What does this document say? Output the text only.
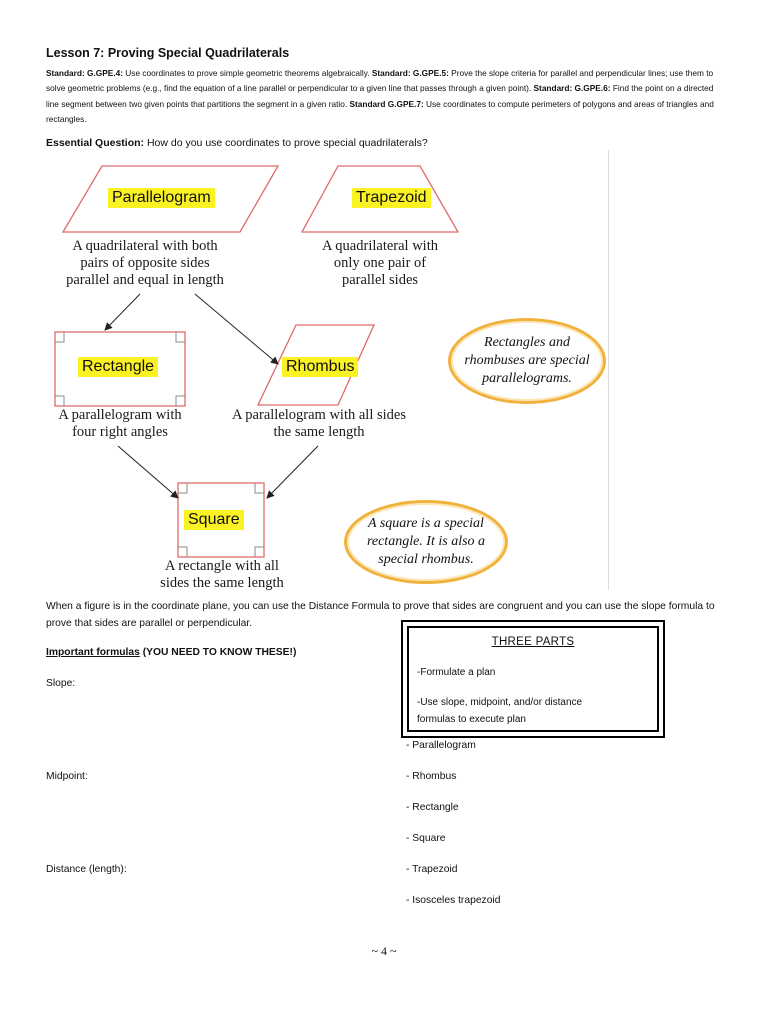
Lesson 7: Proving Special Quadrilaterals
Standard: G.GPE.4: Use coordinates to prove simple geometric theorems algebraically. Standard: G.GPE.5: Prove the slope criteria for parallel and perpendicular lines; use them to solve geometric problems (e.g., find the equation of a line parallel or perpendicular to a given line that passes through a given point). Standard: G.GPE.6: Find the point on a directed line segment between two given points that partitions the segment in a given ratio. Standard G.GPE.7: Use coordinates to compute perimeters of polygons and areas of triangles and rectangles.
Essential Question: How do you use coordinates to prove special quadrilaterals?
Parallelogram	Trapezoid
Rectangle	Rhombus
Square
A quadrilateral with both
pairs of opposite sides
parallel and equal in length
A quadrilateral with
only one pair of
parallel sides
A parallelogram with
four right angles
A parallelogram with all sides
the same length
A rectangle with all
sides the same length
Rectangles and
rhombuses are special
parallelograms.
A square is a special
rectangle. It is also a
special rhombus.
When a figure is in the coordinate plane, you can use the Distance Formula to prove that sides are congruent and you can use the slope formula to prove that sides are parallel or perpendicular.
THREE PARTS
-Formulate a plan
-Use slope, midpoint, and/or distance
formulas to execute plan
Important formulas (YOU NEED TO KNOW THESE!)
Slope:
Midpoint:
Distance (length):
- Parallelogram
- Rhombus
- Rectangle
- Square
- Trapezoid
- Isosceles trapezoid
~ 4 ~
